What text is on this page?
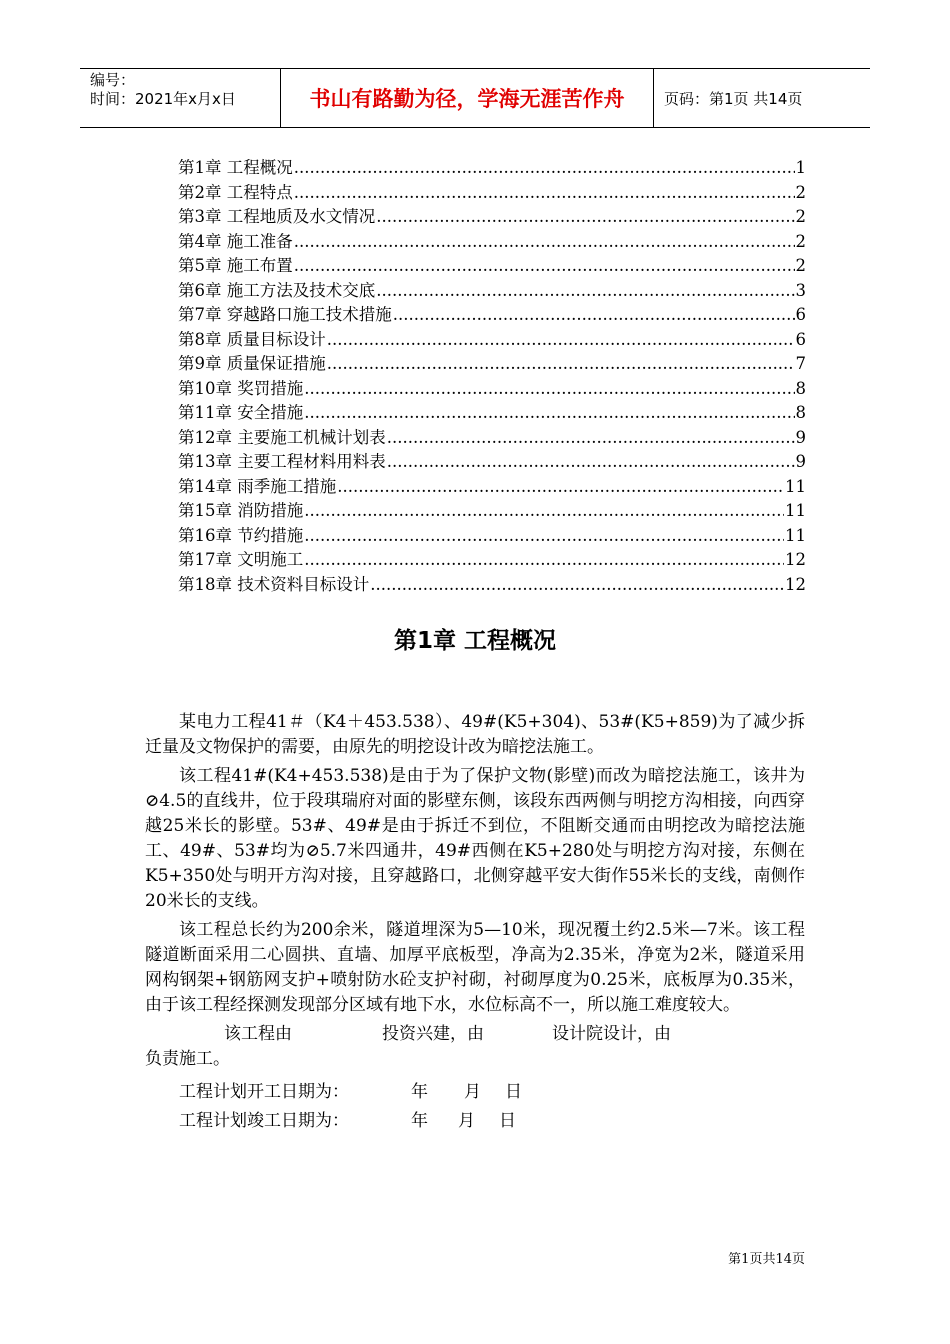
编号：
时间：2021年x月x日	书山有路勤为径，学海无涯苦作舟	页码：第1页 共14页
第1章 工程概况 .....	1
第2章 工程特点 .....	2
第3章 工程地质及水文情况 .....	2
第4章 施工准备 .....	2
第5章 施工布置 .....	2
第6章 施工方法及技术交底 .....	3
第7章 穿越路口施工技术措施 .....	6
第8章 质量目标设计 .....	6
第9章 质量保证措施 .....	7
第10章 奖罚措施 .....	8
第11章 安全措施 .....	8
第12章 主要施工机械计划表 .....	9
第13章 主要工程材料用料表 .....	9
第14章 雨季施工措施 .....	11
第15章 消防措施 .....	11
第16章 节约措施 .....	11
第17章 文明施工 .....	12
第18章 技术资料目标设计 .....	12
第1章 工程概况

某电力工程41＃（K4＋453.538）、49#(K5+304)、53#(K5+859)为了减少拆迁量及文物保护的需要，由原先的明挖设计改为暗挖法施工。

该工程41#(K4+453.538)是由于为了保护文物(影壁)而改为暗挖法施工，该井为⊘4.5的直线井，位于段琪瑞府对面的影壁东侧，该段东西两侧与明挖方沟相接，向西穿越25米长的影壁。53#、49#是由于拆迁不到位，不阻断交通而由明挖改为暗挖法施工、49#、53#均为⊘5.7米四通井，49#西侧在K5+280处与明挖方沟对接，东侧在K5+350处与明开方沟对接，且穿越路口，北侧穿越平安大街作55米长的支线，南侧作20米长的支线。

该工程总长约为200余米，隧道埋深为5—10米，现况覆土约2.5米—7米。该工程隧道断面采用二心圆拱、直墙、加厚平底板型，净高为2.35米，净宽为2米，隧道采用网构钢架+钢筋网支护+喷射防水砼支护衬砌，衬砌厚度为0.25米，底板厚为0.35米，由于该工程经探测发现部分区域有地下水，水位标高不一，所以施工难度较大。

该工程由	投资兴建，由	设计院设计，由

负责施工。

工程计划开工日期为：	年 月 日

工程计划竣工日期为：	年 月 日

第1页共14页
